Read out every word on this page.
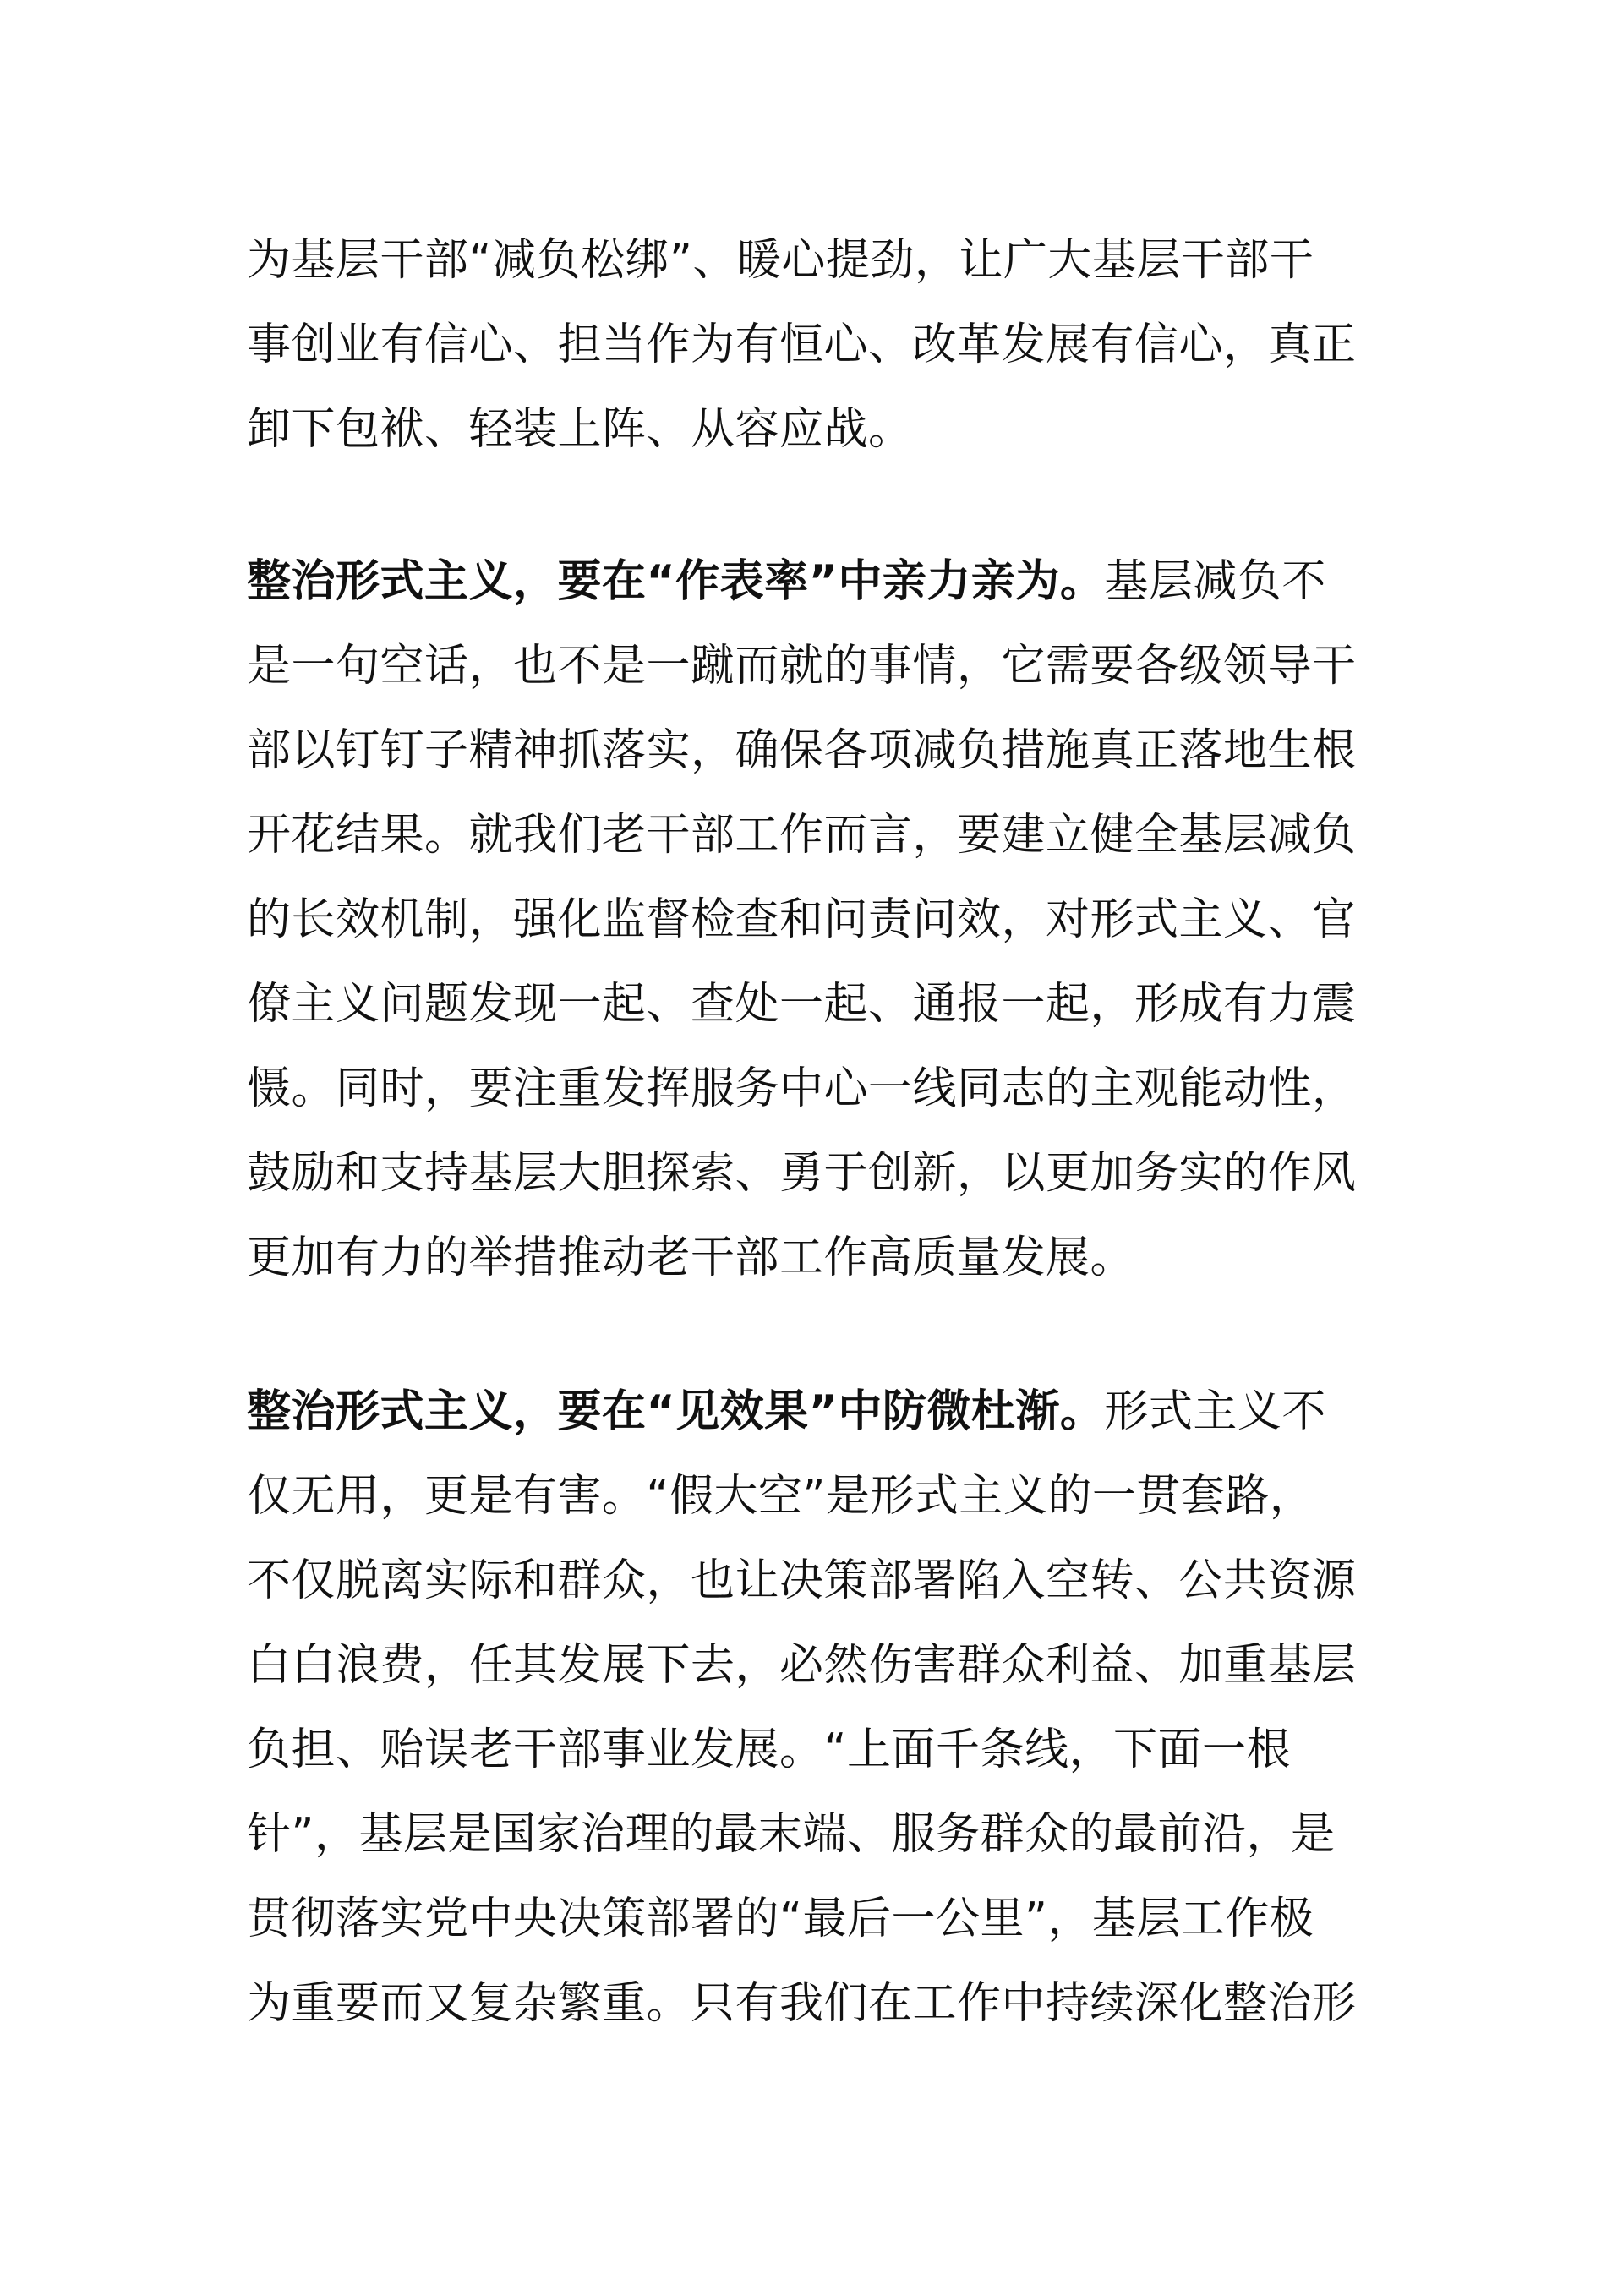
为基层干部“减负松绑”、暖心提劲，让广大基层干部干
事创业有信心、担当作为有恒心、改革发展有信心，真正
卸下包袱、轻装上阵、从容应战。
整治形式主义，要在“作表率”中亲力亲为。基层减负不
是一句空话，也不是一蹴而就的事情，它需要各级领导干
部以钉钉子精神抓落实，确保各项减负措施真正落地生根
开花结果。就我们老干部工作而言，要建立健全基层减负
的长效机制，强化监督检查和问责问效，对形式主义、官
僚主义问题发现一起、查处一起、通报一起，形成有力震
慑。同时，要注重发挥服务中心一线同志的主观能动性，
鼓励和支持基层大胆探索、勇于创新，以更加务实的作风
更加有力的举措推动老干部工作高质量发展。
整治形式主义，要在“见效果”中防微杜渐。形式主义不
仅无用，更是有害。“假大空”是形式主义的一贯套路，
不仅脱离实际和群众，也让决策部署陷入空转、公共资源
白白浪费，任其发展下去，必然伤害群众利益、加重基层
负担、贻误老干部事业发展。“上面千条线，下面一根
针”，基层是国家治理的最末端、服务群众的最前沿，是
贯彻落实党中央决策部署的“最后一公里”，基层工作极
为重要而又复杂繁重。只有我们在工作中持续深化整治形
